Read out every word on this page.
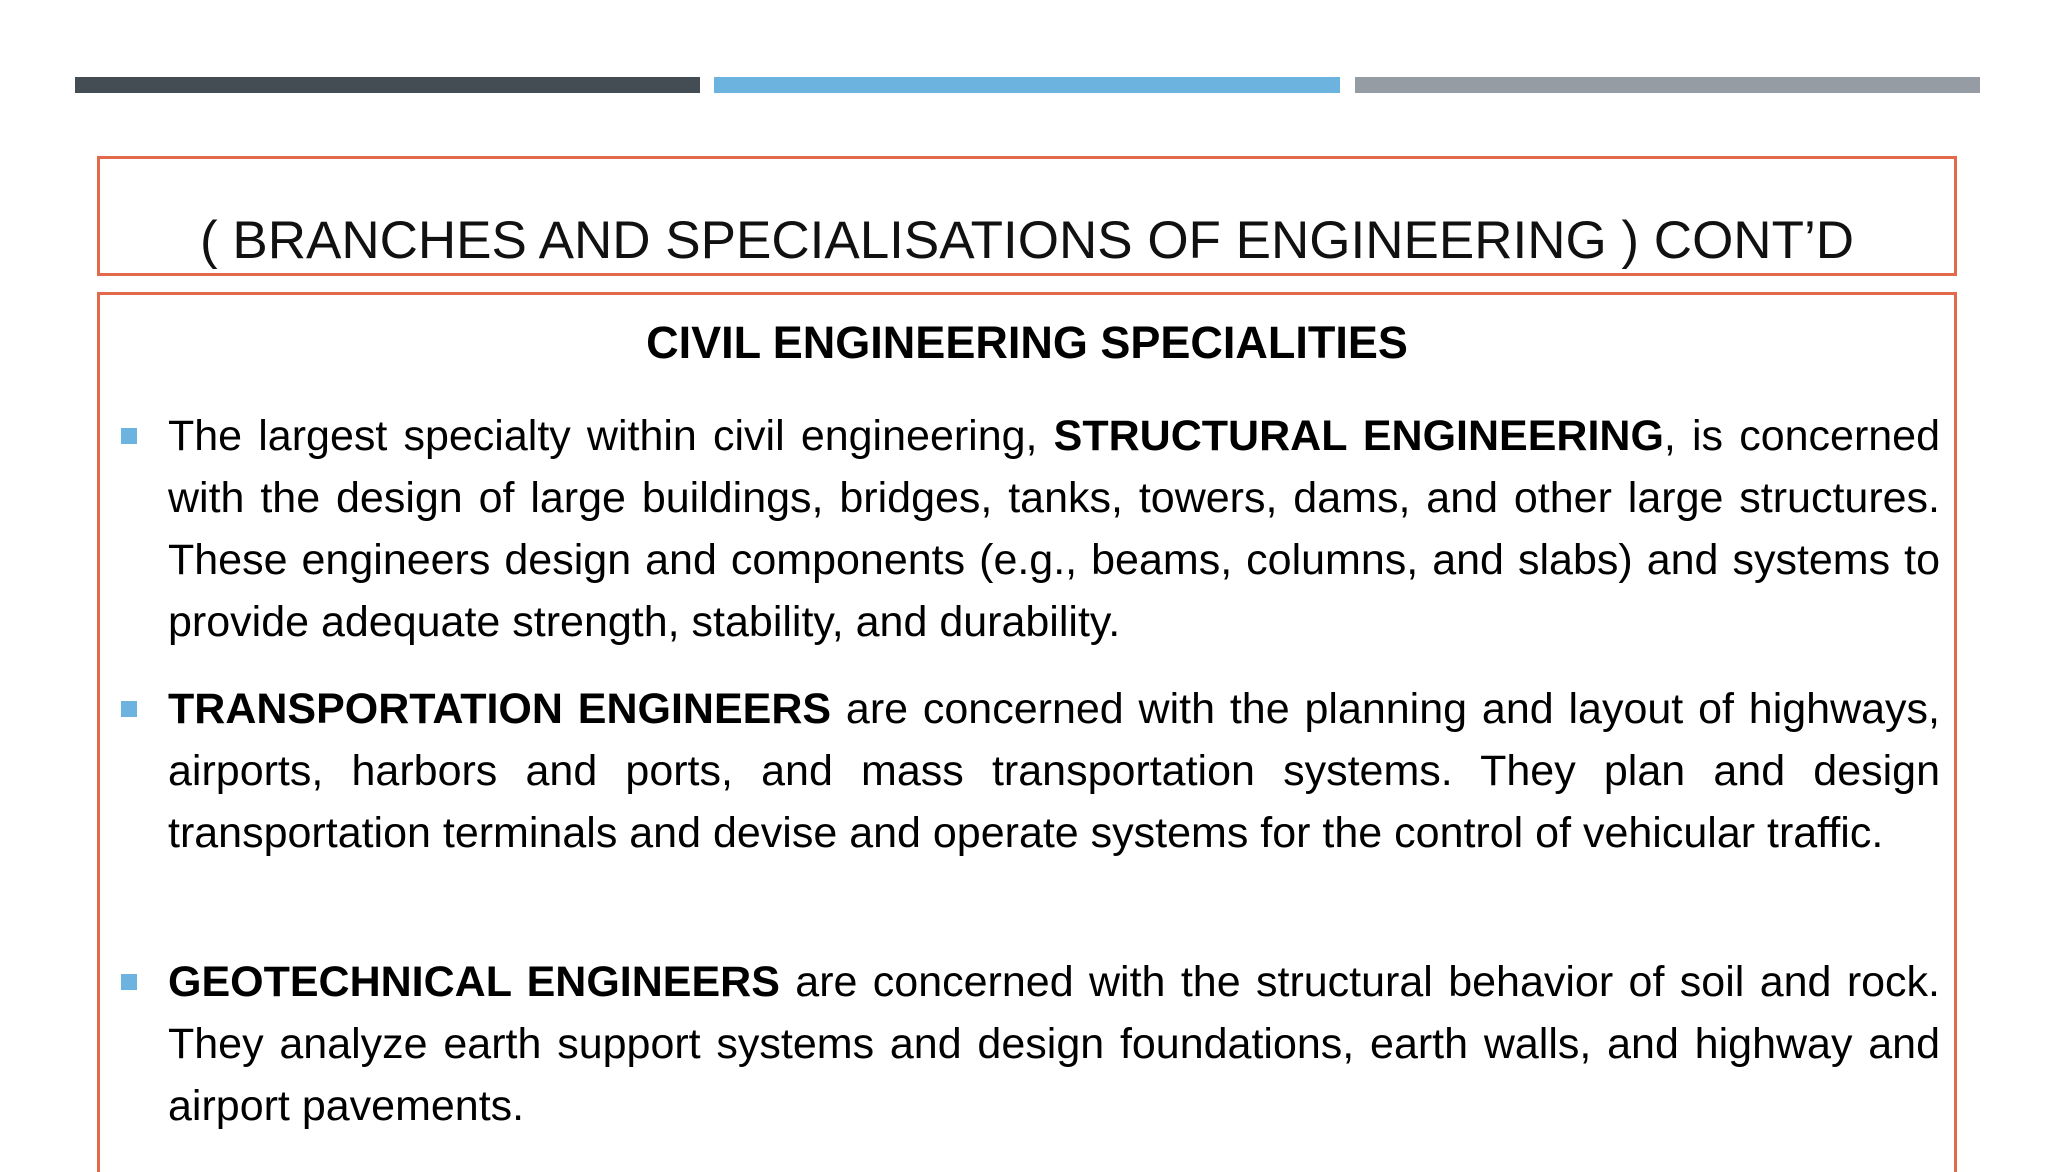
( BRANCHES AND SPECIALISATIONS OF ENGINEERING ) CONT’D
CIVIL ENGINEERING SPECIALITIES
The largest specialty within civil engineering, STRUCTURAL ENGINEERING, is concerned with the design of large buildings, bridges, tanks, towers, dams, and other large structures. These engineers design and components (e.g., beams, columns, and slabs) and systems to provide adequate strength, stability, and durability.
TRANSPORTATION ENGINEERS are concerned with the planning and layout of highways, airports, harbors and ports, and mass transportation systems. They plan and design transportation terminals and devise and operate systems for the control of vehicular traffic.
GEOTECHNICAL ENGINEERS are concerned with the structural behavior of soil and rock. They analyze earth support systems and design foundations, earth walls, and highway and airport pavements.
